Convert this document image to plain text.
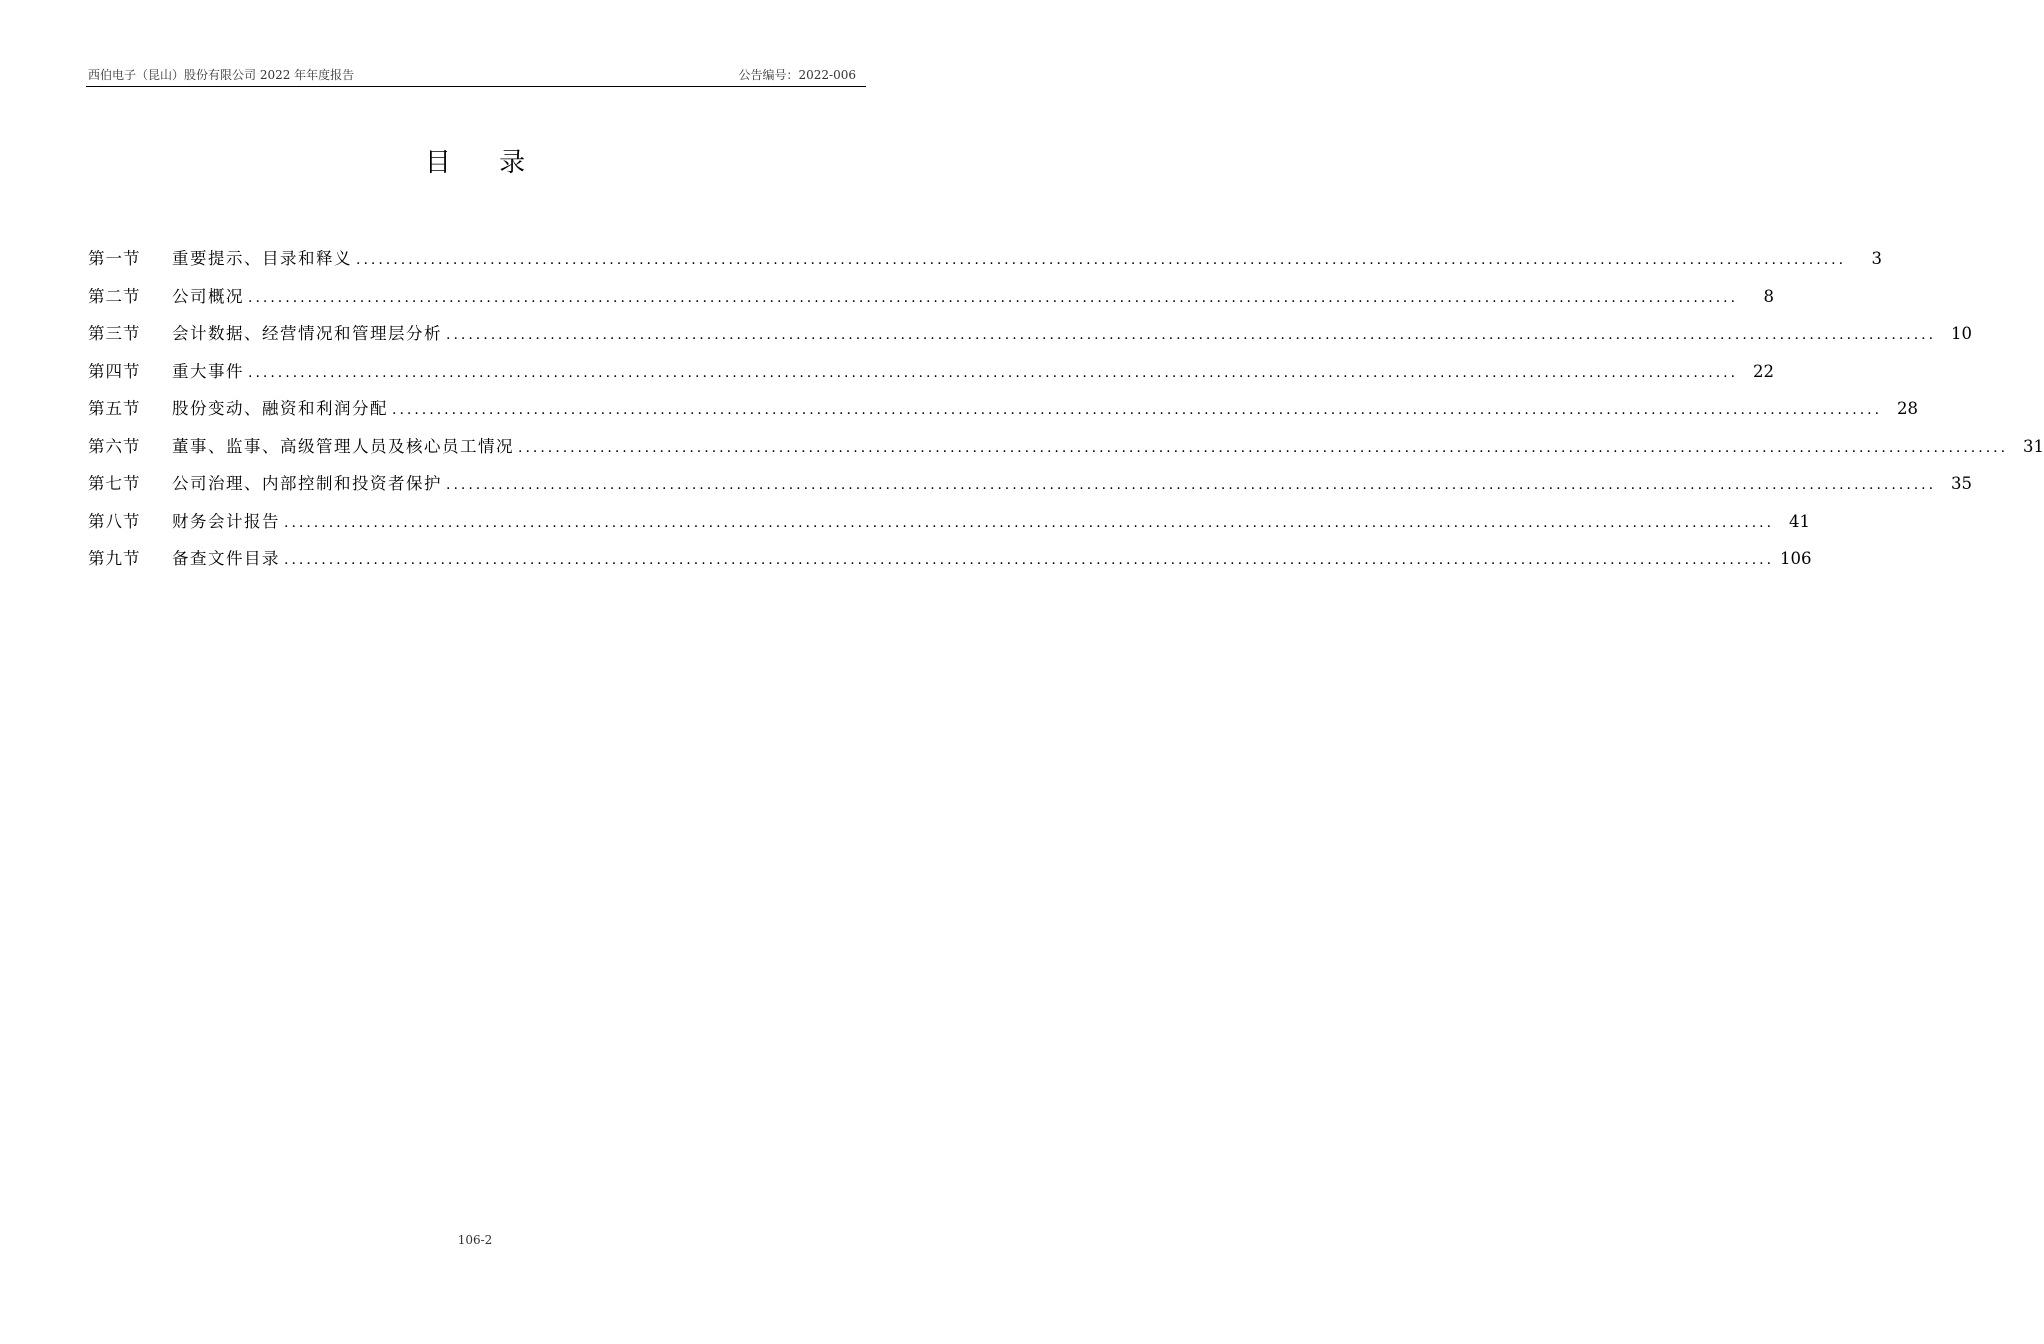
西伯电子（昆山）股份有限公司 2022 年年度报告	公告编号：2022-006
目 录
第一节	重要提示、目录和释义 ........................................................................................................................................................................................................	3
第二节	公司概况 ........................................................................................................................................................................................................	8
第三节	会计数据、经营情况和管理层分析 ........................................................................................................................................................................................................ 10
第四节	重大事件 ........................................................................................................................................................................................................ 22
第五节	股份变动、融资和利润分配 ........................................................................................................................................................................................................ 28
第六节	董事、监事、高级管理人员及核心员工情况 ........................................................................................................................................................................................................ 31
第七节	公司治理、内部控制和投资者保护 ........................................................................................................................................................................................................ 35
第八节	财务会计报告 ........................................................................................................................................................................................................ 41
第九节	备查文件目录 ........................................................................................................................................................................................................ 106
106-2
